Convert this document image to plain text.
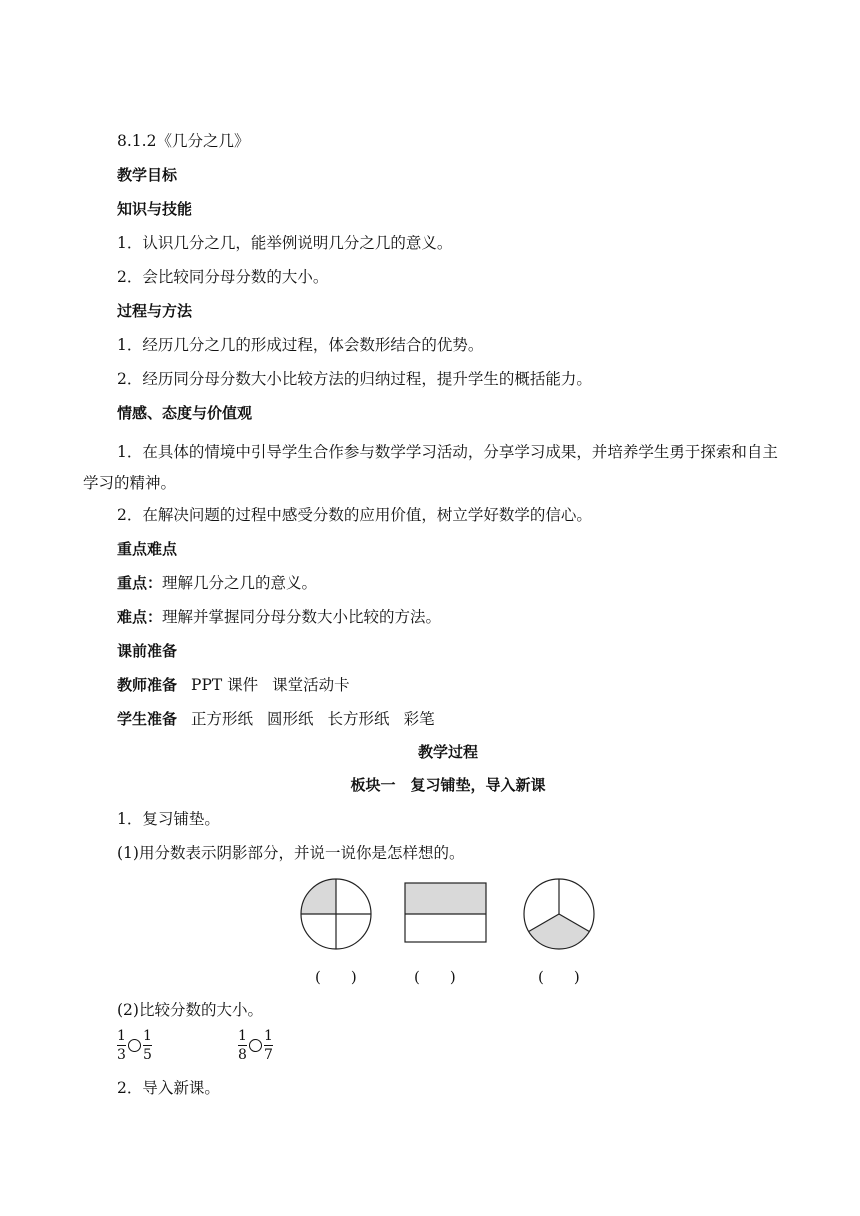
8.1.2《几分之几》
教学目标
知识与技能
1．认识几分之几，能举例说明几分之几的意义。
2．会比较同分母分数的大小。
过程与方法
1．经历几分之几的形成过程，体会数形结合的优势。
2．经历同分母分数大小比较方法的归纳过程，提升学生的概括能力。
情感、态度与价值观
1．在具体的情境中引导学生合作参与数学学习活动，分享学习成果，并培养学生勇于探索和自主学习的精神。
2．在解决问题的过程中感受分数的应用价值，树立学好数学的信心。
重点难点
重点：理解几分之几的意义。
难点：理解并掌握同分母分数大小比较的方法。
课前准备
教师准备 PPT 课件 课堂活动卡
学生准备 正方形纸 圆形纸 长方形纸 彩笔
教学过程
板块一　复习铺垫，导入新课
1．复习铺垫。
(1)用分数表示阴影部分，并说一说你是怎样想的。
(　　)	(　　)	(　　)
(2)比较分数的大小。
1
3
1
5
1
8
1
7
2．导入新课。
